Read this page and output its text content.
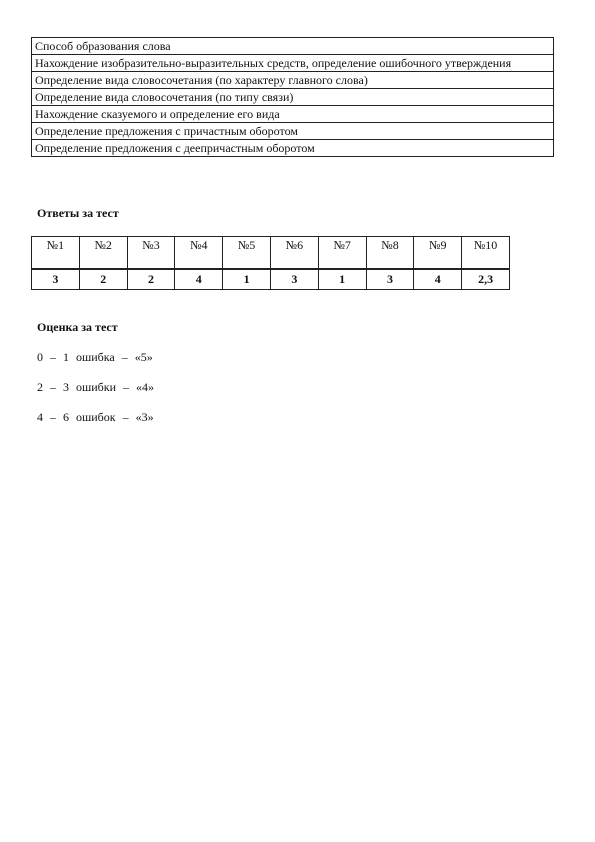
Способ образования слова
Нахождение изобразительно-выразительных средств, определение ошибочного утверждения
Определение вида словосочетания (по характеру главного слова)
Определение вида словосочетания (по типу связи)
Нахождение сказуемого и определение его вида
Определение предложения с причастным оборотом
Определение предложения с деепричастным оборотом
Ответы за тест
№1	№2	№3	№4	№5	№6	№7	№8	№9	№10
3	2	2	4	1	3	1	3	4	2,3
Оценка за тест
0 – 1 ошибка – «5»
2 – 3 ошибки – «4»
4 – 6 ошибок – «3»
